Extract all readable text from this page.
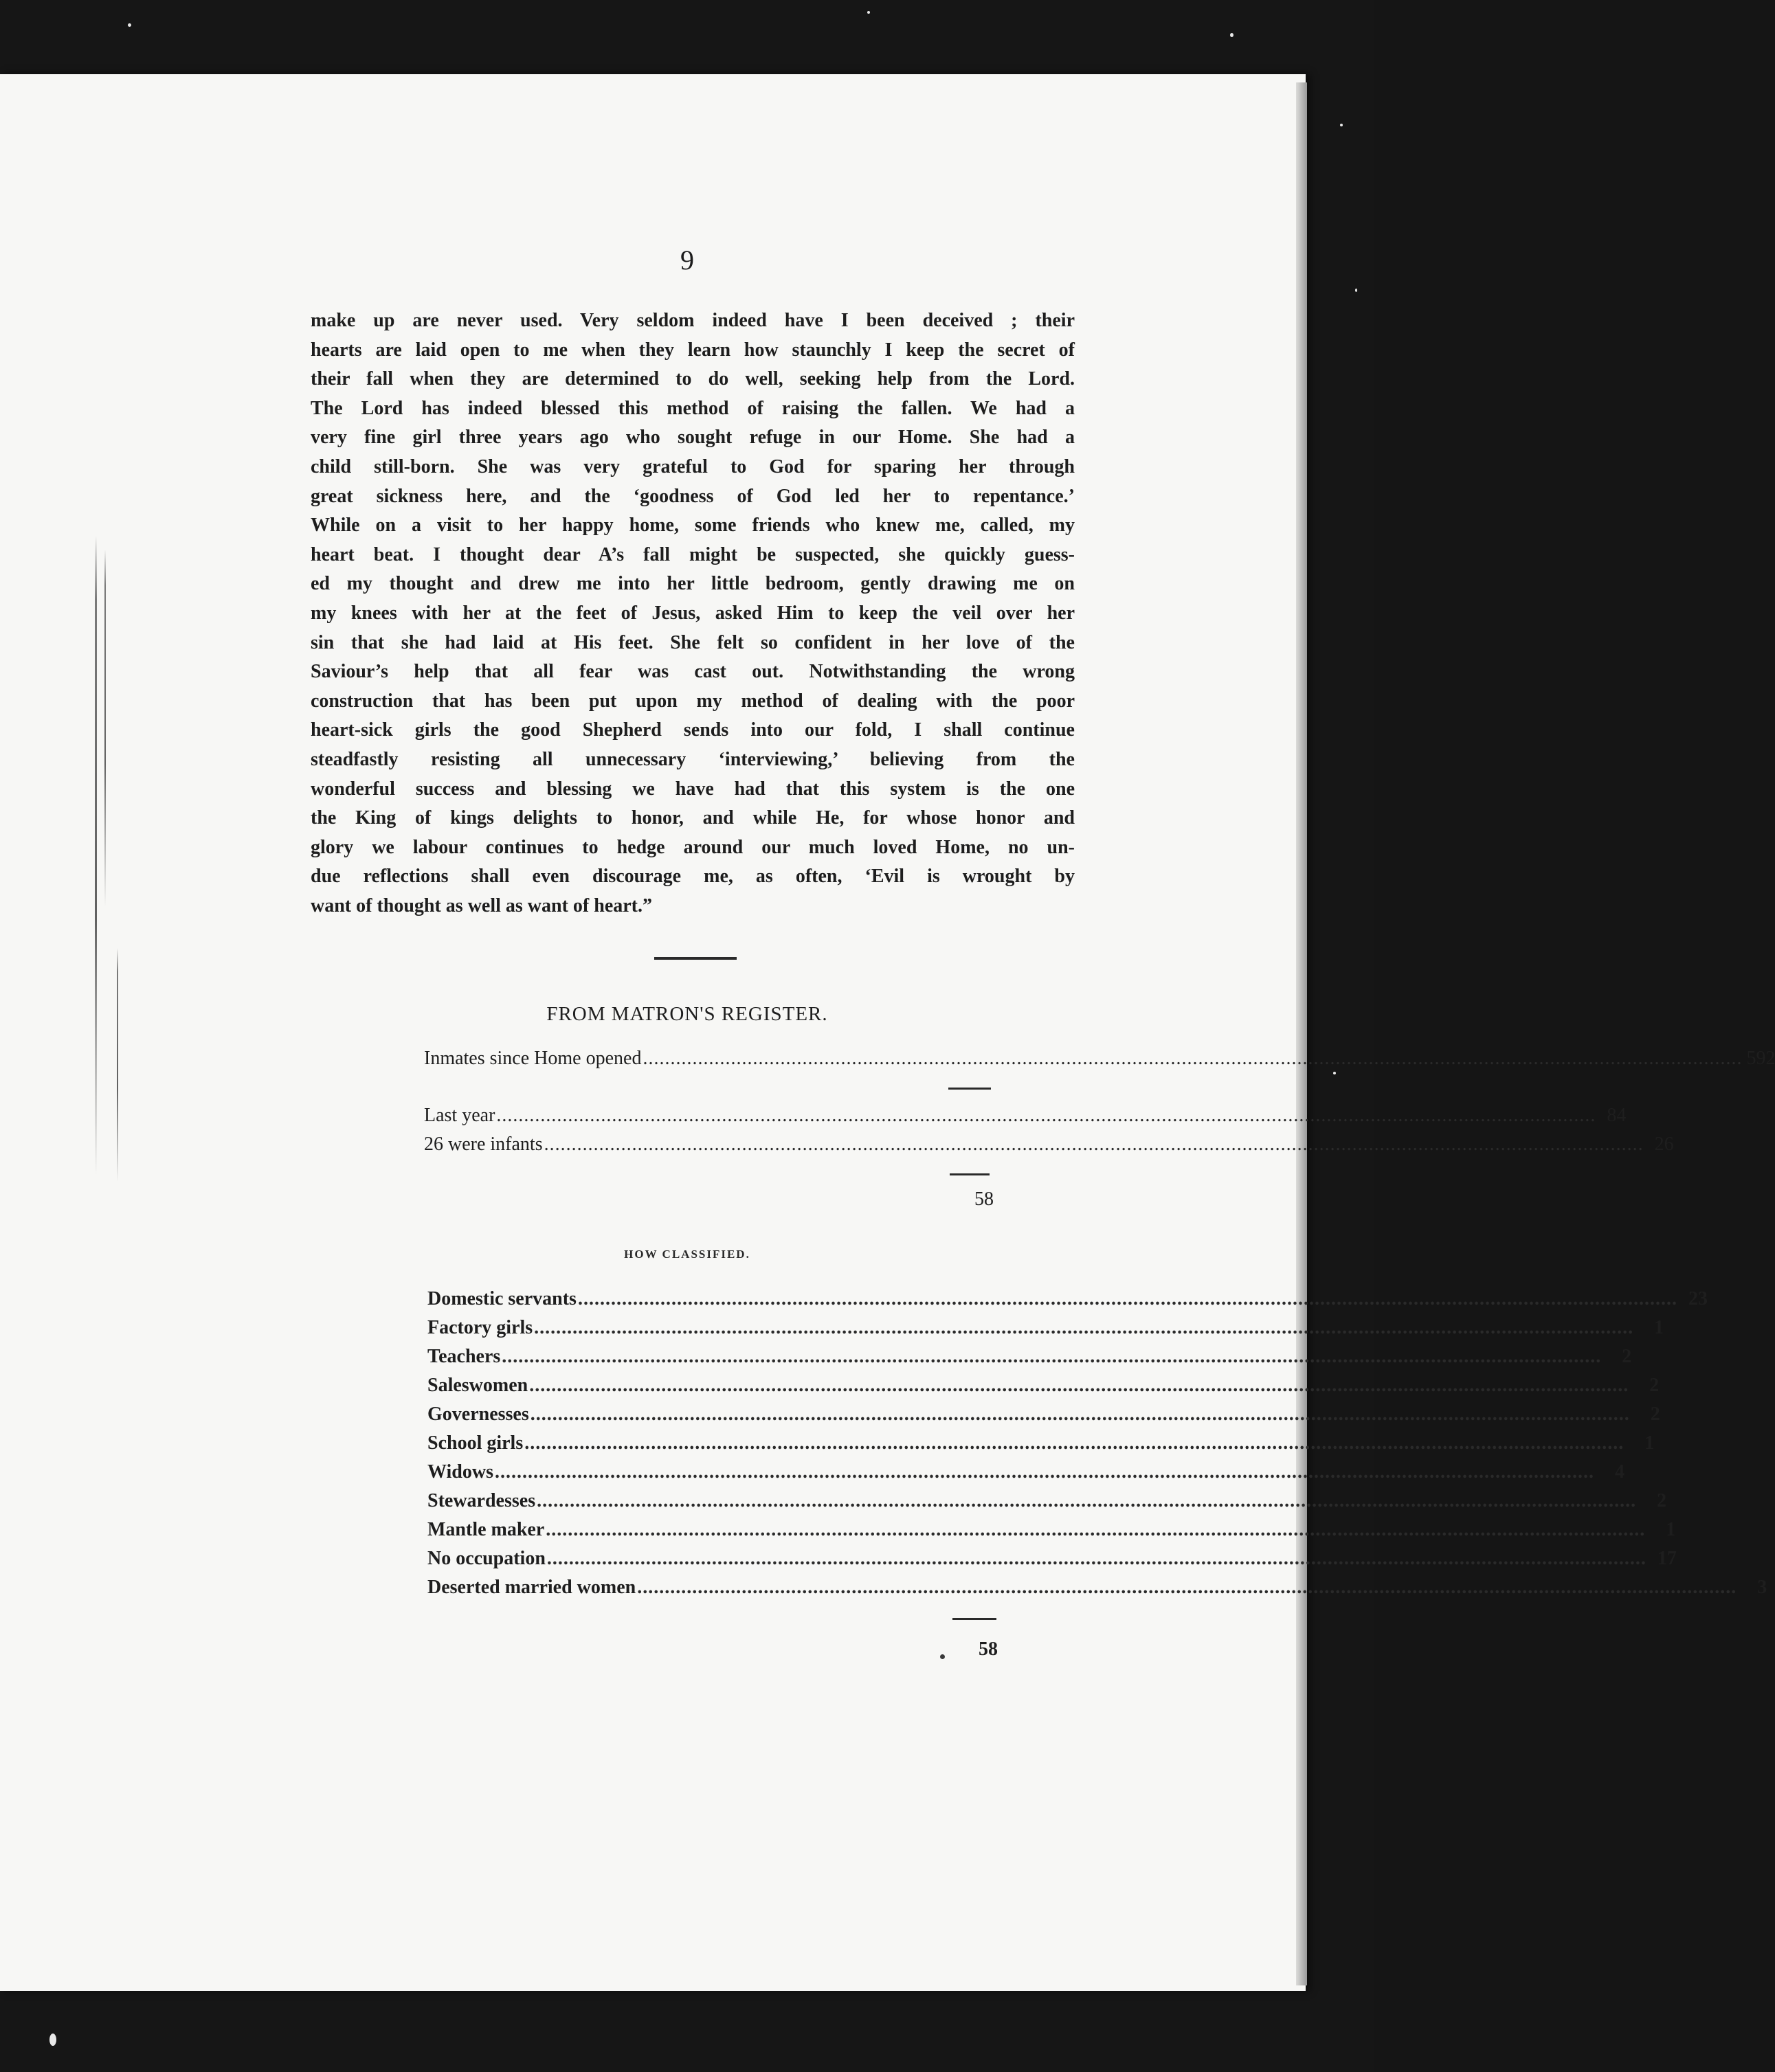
9
make up are never used. Very seldom indeed have I been deceived ; their
hearts are laid open to me when they learn how staunchly I keep the secret of
their fall when they are determined to do well, seeking help from the Lord.
The Lord has indeed blessed this method of raising the fallen. We had a
very fine girl three years ago who sought refuge in our Home. She had a
child still-born. She was very grateful to God for sparing her through
great sickness here, and the ‘goodness of God led her to repentance.’
While on a visit to her happy home, some friends who knew me, called, my
heart beat. I thought dear A’s fall might be suspected, she quickly guess-
ed my thought and drew me into her little bedroom, gently drawing me on
my knees with her at the feet of Jesus, asked Him to keep the veil over her
sin that she had laid at His feet. She felt so confident in her love of the
Saviour’s help that all fear was cast out. Notwithstanding the wrong
construction that has been put upon my method of dealing with the poor
heart-sick girls the good Shepherd sends into our fold, I shall continue
steadfastly resisting all unnecessary ‘interviewing,’ believing from the
wonderful success and blessing we have had that this system is the one
the King of kings delights to honor, and while He, for whose honor and
glory we labour continues to hedge around our much loved Home, no un-
due reflections shall even discourage me, as often, ‘Evil is wrought by
want of thought as well as want of heart.”
FROM MATRON'S REGISTER.
Inmates since Home opened ........................................................................................................................................................................................................ 592
Last year ........................................................................................................................................................................................................ 84
26 were infants ........................................................................................................................................................................................................ 26
58
HOW CLASSIFIED.
Domestic servants ........................................................................................................................................................................................................ 23
Factory girls ........................................................................................................................................................................................................	1
Teachers ........................................................................................................................................................................................................	2
Saleswomen ........................................................................................................................................................................................................	2
Governesses ........................................................................................................................................................................................................	2
School girls ........................................................................................................................................................................................................	1
Widows ........................................................................................................................................................................................................	4
Stewardesses ........................................................................................................................................................................................................	2
Mantle maker ........................................................................................................................................................................................................	1
No occupation ........................................................................................................................................................................................................ 17
Deserted married women ........................................................................................................................................................................................................	3
58
